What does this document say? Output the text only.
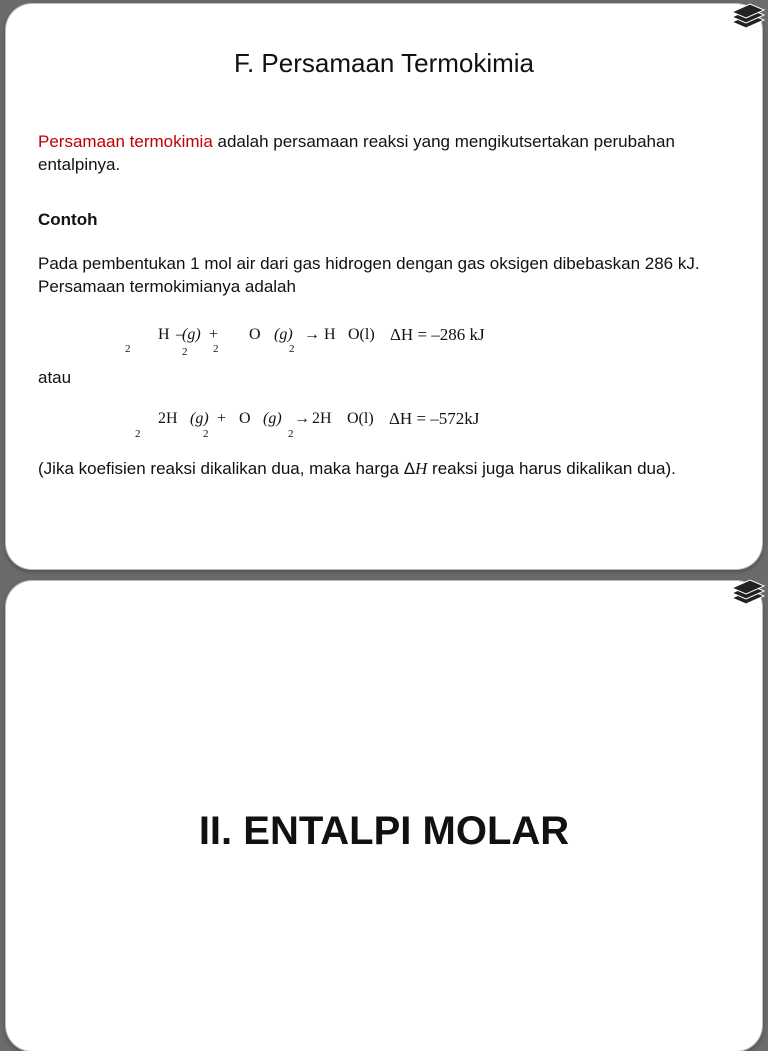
F. Persamaan Termokimia
Persamaan termokimia adalah persamaan reaksi yang mengikutsertakan perubahan entalpinya.
Contoh
Pada pembentukan 1 mol air dari gas hidrogen dengan gas oksigen dibebaskan 286 kJ. Persamaan termokimianya adalah
2
H –
(g)
2
+
2
O (g)
2
→ H O(l) ΔH = –286 kJ
atau
2
2H (g)
2
+ O (g)
2
→ 2H O(l) ΔH = –572kJ
(Jika koefisien reaksi dikalikan dua, maka harga ΔH reaksi juga harus dikalikan dua).
II. ENTALPI MOLAR
